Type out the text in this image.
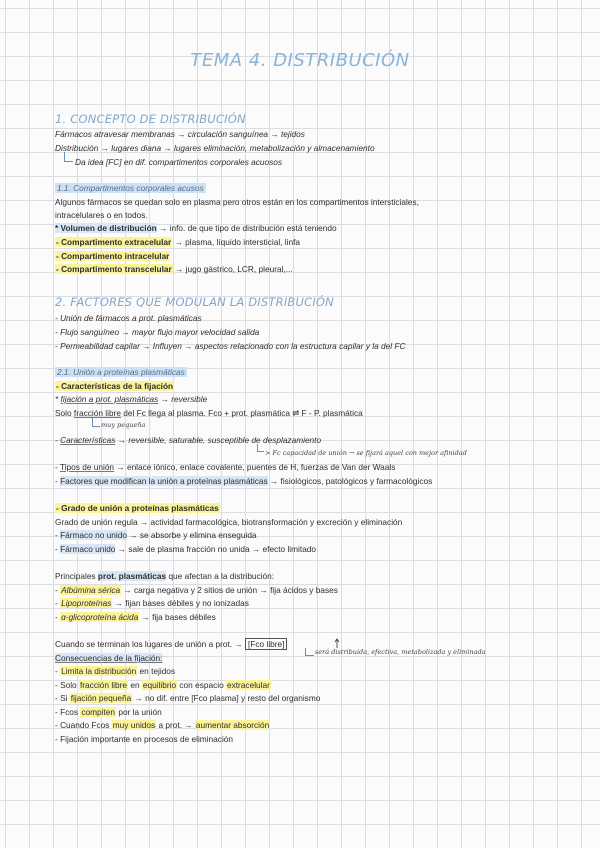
TEMA 4. DISTRIBUCIÓN
1. CONCEPTO DE DISTRIBUCIÓN
Fármacos atravesar membranas → circulación sanguínea → tejidos
Distribución → lugares diana → lugares eliminación, metabolización y almacenamiento
Da idea [FC] en dif. compartimentos corporales acuosos
1.1. Compartimentos corporales acusos
Algunos fármacos se quedan solo en plasma pero otros están en los compartimentos intersticiales,
intracelulares o en todos.
* Volumen de distribución → info. de que tipo de distribución está teniendo
- Compartimento extracelular → plasma, líquido intersticial, linfa
- Compartimento intracelular
- Compartimento transcelular → jugo gástrico, LCR, pleural,...
2. FACTORES QUE MODULAN LA DISTRIBUCIÓN
- Unión de fármacos a prot. plasmáticas
- Flujo sanguíneo → mayor flujo mayor velocidad salida
- Permeabilidad capilar → Influyen → aspectos relacionado con la estructura capilar y la del FC
2.1. Unión a proteínas plasmáticas
- Características de la fijación
* fijación a prot. plasmáticas → reversible
Solo fracción libre del Fc llega al plasma. Fco + prot. plasmática ⇌ F - P. plasmática
muy pequeña
- Características → reversible, saturable, susceptible de desplazamiento
> Fc capacidad de unión → se fijará aquel con mejor afinidad
- Tipos de unión → enlace iónico, enlace covalente, puentes de H, fuerzas de Van der Waals
- Factores que modifican la unión a proteínas plasmáticas → fisiológicos, patológicos y farmacológicos
- Grado de unión a proteínas plasmáticas
Grado de unión regula → actividad farmacológica, biotransformación y excreción y eliminación
- Fármaco no unido → se absorbe y elimina enseguida
- Fármaco unido → sale de plasma fracción no unida → efecto limitado
Principales prot. plasmáticas que afectan a la distribución:
- Albúmina sérica → carga negativa y 2 sitios de unión → fija ácidos y bases
- Lipoproteínas → fijan bases débiles y no ionizadas
- α-glicoproteína ácida → fija bases débiles
Cuando se terminan los lugares de unión a prot. → [Fco libre]
será distribuida, efectiva, metabolizada y eliminada
Consecuencias de la fijación:
- Limita la distribución en tejidos
- Solo fracción libre en equilibrio con espacio extracelular
- Si fijación pequeña → no dif. entre [Fco plasma] y resto del organismo
- Fcos compiten por la unión
- Cuando Fcos muy unidos a prot. → aumentar absorción
- Fijación importante en procesos de eliminación
